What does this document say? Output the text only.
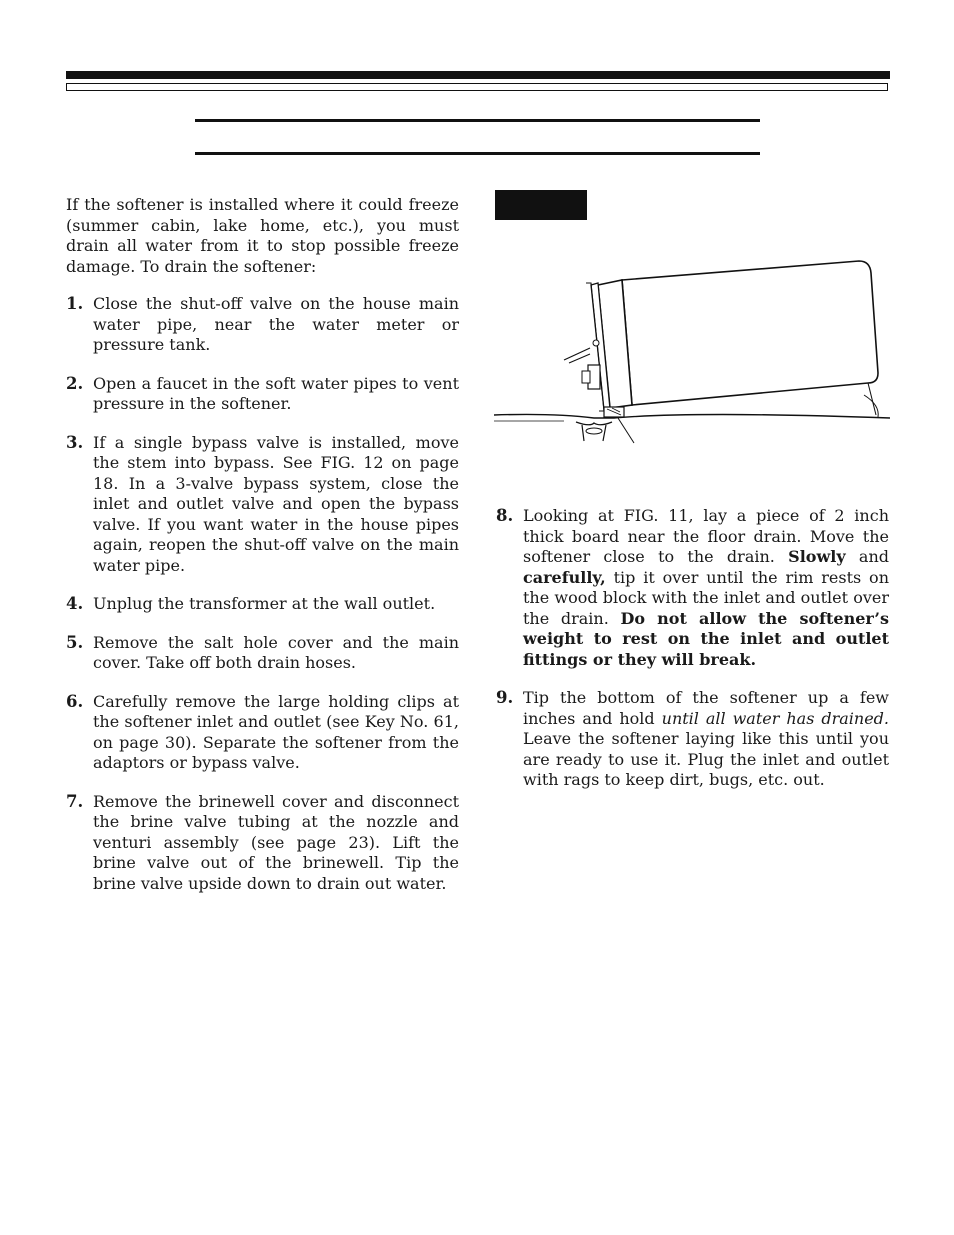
If the softener is installed where it could freeze (summer cabin, lake home, etc.), you must drain all water from it to stop possible freeze damage. To drain the softener:

1. Close the shut-off valve on the house main water pipe, near the water meter or pressure tank.
2. Open a faucet in the soft water pipes to vent pressure in the softener.
3. If a single bypass valve is installed, move the stem into bypass. See FIG. 12 on page 18. In a 3-valve bypass system, close the inlet and outlet valve and open the bypass valve. If you want water in the house pipes again, reopen the shut-off valve on the main water pipe.
4. Unplug the transformer at the wall outlet.
5. Remove the salt hole cover and the main cover. Take off both drain hoses.
6. Carefully remove the large holding clips at the softener inlet and outlet (see Key No. 61, on page 30). Separate the softener from the adaptors or bypass valve.
7. Remove the brinewell cover and disconnect the brine valve tubing at the nozzle and venturi assembly (see page 23). Lift the brine valve out of the brinewell. Tip the brine valve upside down to drain out water.
8. Looking at FIG. 11, lay a piece of 2 inch thick board near the floor drain. Move the softener close to the drain. Slowly and carefully, tip it over until the rim rests on the wood block with the inlet and outlet over the drain. Do not allow the softener’s weight to rest on the inlet and outlet fittings or they will break.
9. Tip the bottom of the softener up a few inches and hold until all water has drained. Leave the softener laying like this until you are ready to use it. Plug the inlet and outlet with rags to keep dirt, bugs, etc. out.
